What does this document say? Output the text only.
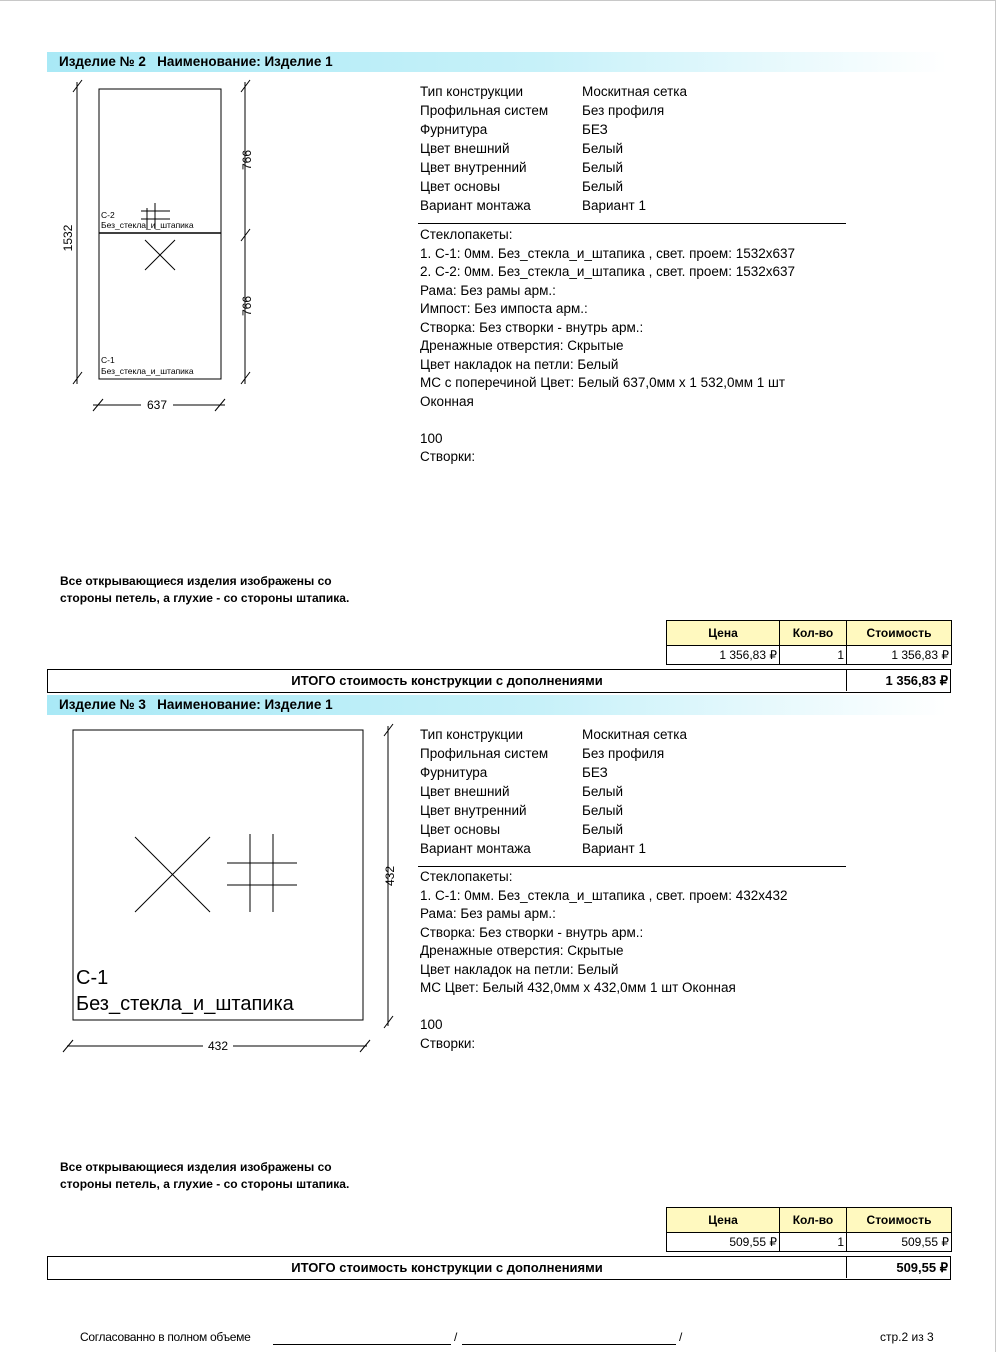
Изделие № 2   Наименование: Изделие 1
1532
766
766
637
С-2
Без_стекла_и_штапика
С-1
Без_стекла_и_штапика
Тип конструкции	Москитная сетка
Профильная систем	Без профиля
Фурнитура	БЕЗ
Цвет внешний	Белый
Цвет внутренний	Белый
Цвет основы	Белый
Вариант монтажа	Вариант 1
Стеклопакеты:
1. С-1: 0мм. Без_стекла_и_штапика , свет. проем: 1532x637
2. С-2: 0мм. Без_стекла_и_штапика , свет. проем: 1532x637
Рама: Без рамы арм.:
Импост: Без импоста арм.:
Створка: Без створки - внутрь арм.:
Дренажные отверстия: Скрытые
Цвет накладок на петли: Белый
МС с поперечиной Цвет: Белый 637,0мм x 1 532,0мм 1 шт
Оконная
100
Створки:
Все открывающиеся изделия изображены со
стороны петель, а глухие - со стороны штапика.
Цена	Кол-во	Стоимость
1 356,83 ₽	1	1 356,83 ₽
ИТОГО стоимость конструкции с дополнениями	1 356,83 ₽
Изделие № 3   Наименование: Изделие 1
432
432
С-1
Без_стекла_и_штапика
Тип конструкции	Москитная сетка
Профильная систем	Без профиля
Фурнитура	БЕЗ
Цвет внешний	Белый
Цвет внутренний	Белый
Цвет основы	Белый
Вариант монтажа	Вариант 1
Стеклопакеты:
1. С-1: 0мм. Без_стекла_и_штапика , свет. проем: 432x432
Рама: Без рамы арм.:
Створка: Без створки - внутрь арм.:
Дренажные отверстия: Скрытые
Цвет накладок на петли: Белый
МС Цвет: Белый 432,0мм x 432,0мм 1 шт Оконная
100
Створки:
Все открывающиеся изделия изображены со
стороны петель, а глухие - со стороны штапика.
Цена	Кол-во	Стоимость
509,55 ₽	1	509,55 ₽
ИТОГО стоимость конструкции с дополнениями	509,55 ₽
Согласованно в полном объеме	/	/	стр.2 из 3
